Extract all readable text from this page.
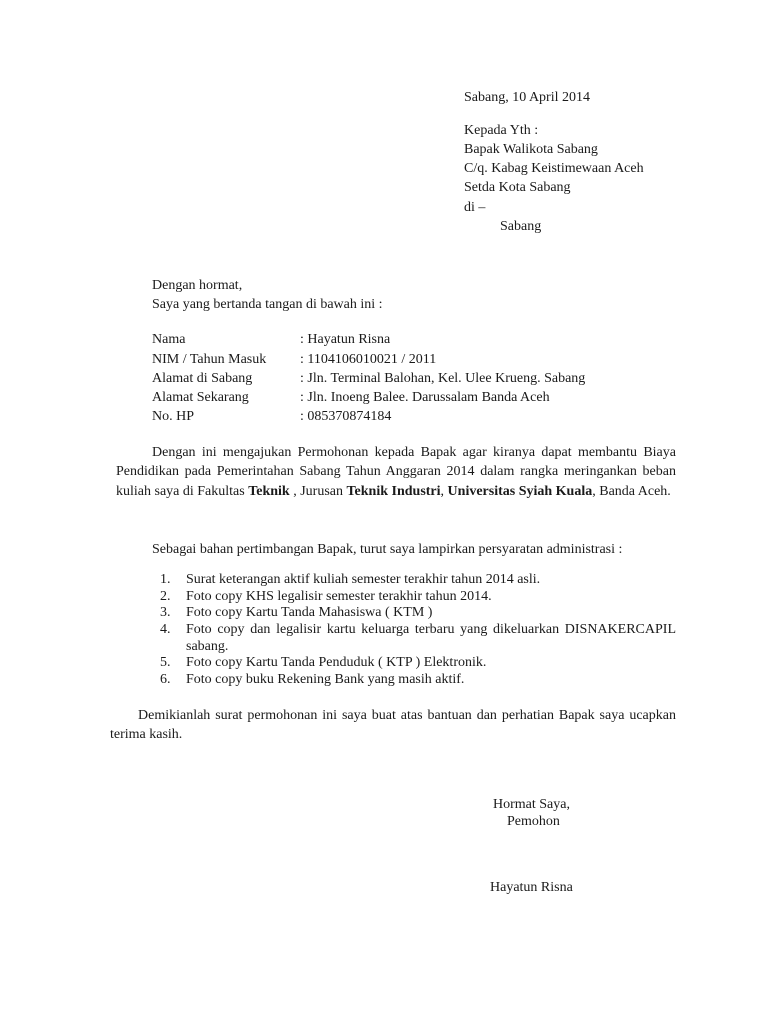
Sabang, 10 April 2014
Kepada Yth :
Bapak Walikota Sabang
C/q. Kabag Keistimewaan Aceh
Setda Kota Sabang
di –
Sabang
Dengan hormat,
Saya yang bertanda tangan di bawah ini :
Nama	: Hayatun Risna
NIM / Tahun Masuk : 1104106010021 / 2011
Alamat di Sabang	: Jln. Terminal Balohan, Kel. Ulee Krueng. Sabang
Alamat Sekarang	: Jln. Inoeng Balee. Darussalam Banda Aceh
No. HP	: 085370874184
Dengan ini mengajukan Permohonan kepada Bapak agar kiranya dapat membantu Biaya Pendidikan pada Pemerintahan Sabang Tahun Anggaran 2014 dalam rangka meringankan beban kuliah saya di Fakultas Teknik , Jurusan Teknik Industri, Universitas Syiah Kuala, Banda Aceh.
Sebagai bahan pertimbangan Bapak, turut saya lampirkan persyaratan administrasi :
1. Surat keterangan aktif kuliah semester terakhir tahun 2014 asli.
2. Foto copy KHS legalisir semester terakhir tahun 2014.
3. Foto copy Kartu Tanda Mahasiswa ( KTM )
4. Foto copy dan legalisir kartu keluarga terbaru yang dikeluarkan DISNAKERCAPIL sabang.
5. Foto copy Kartu Tanda Penduduk ( KTP ) Elektronik.
6. Foto copy buku Rekening Bank yang masih aktif.
Demikianlah surat permohonan ini saya buat atas bantuan dan perhatian Bapak saya ucapkan terima kasih.
Hormat Saya,
Pemohon
Hayatun Risna
